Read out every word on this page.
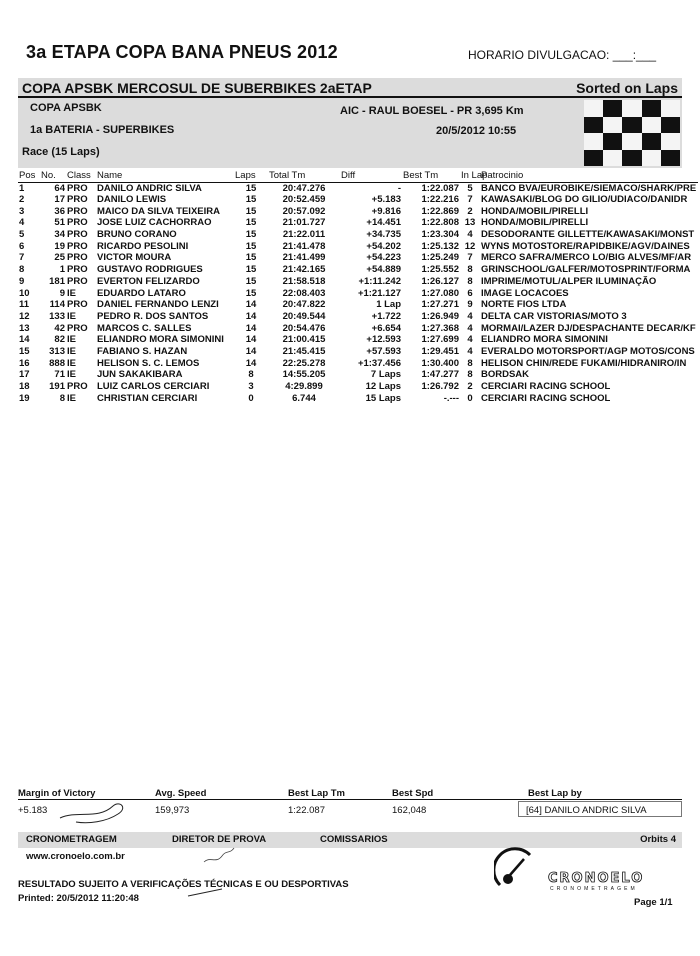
3a ETAPA COPA BANA PNEUS 2012	HORARIO DIVULGACAO: ___:___
COPA APSBK MERCOSUL DE SUBERBIKES 2aETAP	Sorted on Laps
COPA APSBK	AIC - RAUL BOESEL - PR 3,695 Km
1a BATERIA - SUPERBIKES	20/5/2012 10:55
Race (15 Laps)
Pos	No.	Class	Name	Laps	Total Tm	Diff	Best Tm	In Lap	Patrocinio
1	64	PRO	DANILO ANDRIC SILVA	15	20:47.276	-	1:22.087	5	BANCO BVA/EUROBIKE/SIEMACO/SHARK/PRE
2	17	PRO	DANILO LEWIS	15	20:52.459	+5.183	1:22.216	7	KAWASAKI/BLOG DO GILIO/UDIACO/DANIDR
3	36	PRO	MAICO DA SILVA TEIXEIRA	15	20:57.092	+9.816	1:22.869	2	HONDA/MOBIL/PIRELLI
4	51	PRO	JOSE LUIZ CACHORRAO	15	21:01.727	+14.451	1:22.808	13	HONDA/MOBIL/PIRELLI
5	34	PRO	BRUNO CORANO	15	21:22.011	+34.735	1:23.304	4	DESODORANTE GILLETTE/KAWASAKI/MONST
6	19	PRO	RICARDO PESOLINI	15	21:41.478	+54.202	1:25.132	12	WYNS MOTOSTORE/RAPIDBIKE/AGV/DAINES
7	25	PRO	VICTOR MOURA	15	21:41.499	+54.223	1:25.249	7	MERCO SAFRA/MERCO LO/BIG ALVES/MF/AR
8	1	PRO	GUSTAVO RODRIGUES	15	21:42.165	+54.889	1:25.552	8	GRINSCHOOL/GALFER/MOTOSPRINT/FORMA
9	181	PRO	EVERTON FELIZARDO	15	21:58.518	+1:11.242	1:26.127	8	IMPRIME/MOTUL/ALPER ILUMINAÇÃO
10	9	IE	EDUARDO LATARO	15	22:08.403	+1:21.127	1:27.080	6	IMAGE LOCACOES
11	114	PRO	DANIEL FERNANDO LENZI	14	20:47.822	1 Lap	1:27.271	9	NORTE FIOS LTDA
12	133	IE	PEDRO R. DOS SANTOS	14	20:49.544	+1.722	1:26.949	4	DELTA CAR VISTORIAS/MOTO 3
13	42	PRO	MARCOS C. SALLES	14	20:54.476	+6.654	1:27.368	4	MORMAI/LAZER DJ/DESPACHANTE DECAR/KF
14	82	IE	ELIANDRO MORA SIMONINI	14	21:00.415	+12.593	1:27.699	4	ELIANDRO MORA SIMONINI
15	313	IE	FABIANO S. HAZAN	14	21:45.415	+57.593	1:29.451	4	EVERALDO MOTORSPORT/AGP MOTOS/CONS
16	888	IE	HELISON S. C. LEMOS	14	22:25.278	+1:37.456	1:30.400	8	HELISON CHIN/REDE FUKAMI/HIDRANIRO/IN
17	71	IE	JUN SAKAKIBARA	8	14:55.205	7 Laps	1:47.277	8	BORDSAK
18	191	PRO	LUIZ CARLOS CERCIARI	3	4:29.899	12 Laps	1:26.792	2	CERCIARI RACING SCHOOL
19	8	IE	CHRISTIAN CERCIARI	0	6.744	15 Laps	-.---	0	CERCIARI RACING SCHOOL
Margin of Victory	Avg. Speed	Best Lap Tm	Best Spd	Best Lap by
+5.183	159,973	1:22.087	162,048	[64] DANILO ANDRIC SILVA
CRONOMETRAGEM	DIRETOR DE PROVA	COMISSARIOS	Orbits 4
www.cronoelo.com.br
RESULTADO SUJEITO A VERIFICAÇÕES TÉCNICAS E OU DESPORTIVAS
Printed: 20/5/2012 11:20:48
CRONOELO
CRONOMETRAGEM
Page 1/1
